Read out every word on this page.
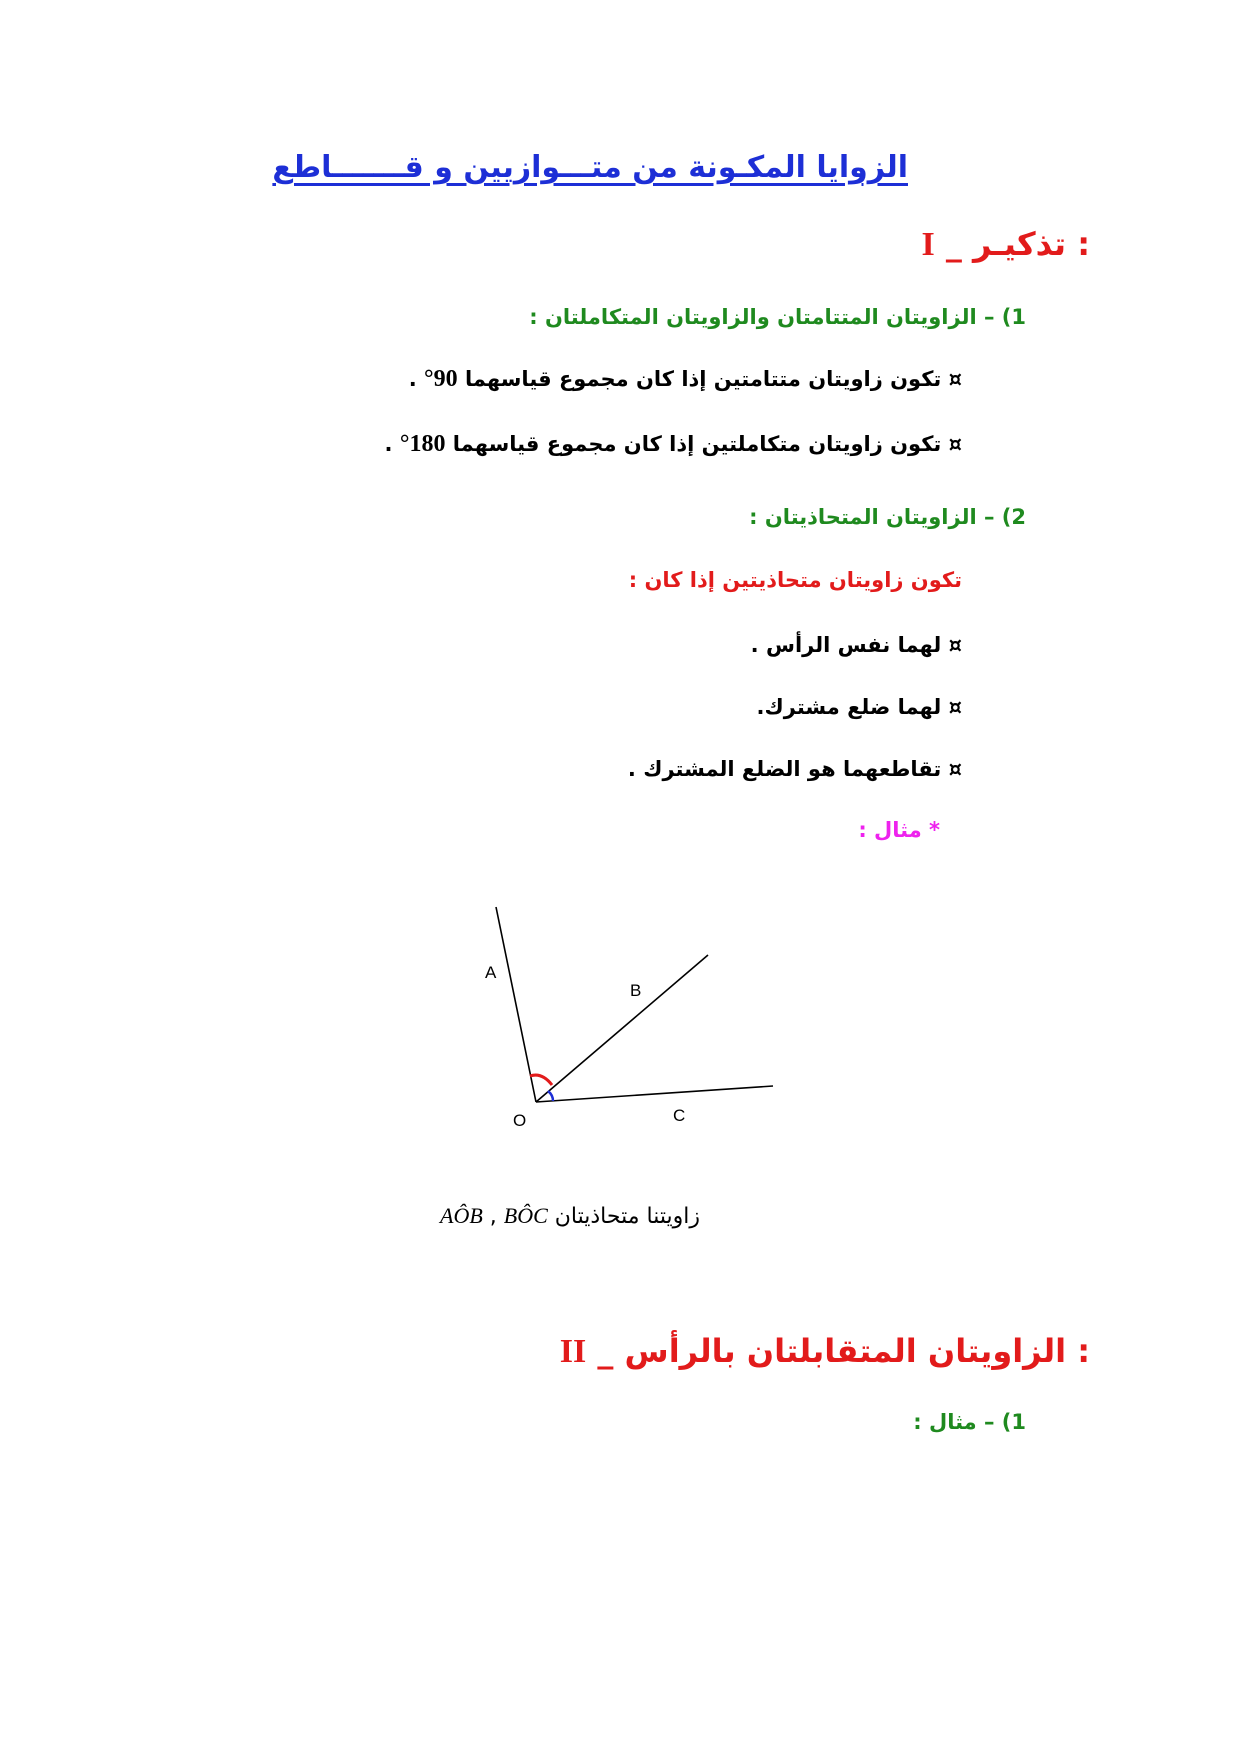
الزوايا المكـونة من متـــوازيين و قـــــــاطع
I _ تذكيـر :
1) – الزاويتان المتتامتان والزاويتان المتكاملتان :
¤ تكون زاويتان متتامتين إذا كان مجموع قياسهما 90° .
¤ تكون زاويتان متكاملتين إذا كان مجموع قياسهما 180° .
2) – الزاويتان المتحاذيتان :
تكون زاويتان متحاذيتين إذا كان :
¤ لهما نفس الرأس .
¤ لهما ضلع مشترك.
¤ تقاطعهما هو الضلع المشترك .
* مثال :
A
B
C
O
AÔB , BÔC زاويتنا متحاذيتان
II _ الزاويتان المتقابلتان بالرأس :
1) – مثال :
